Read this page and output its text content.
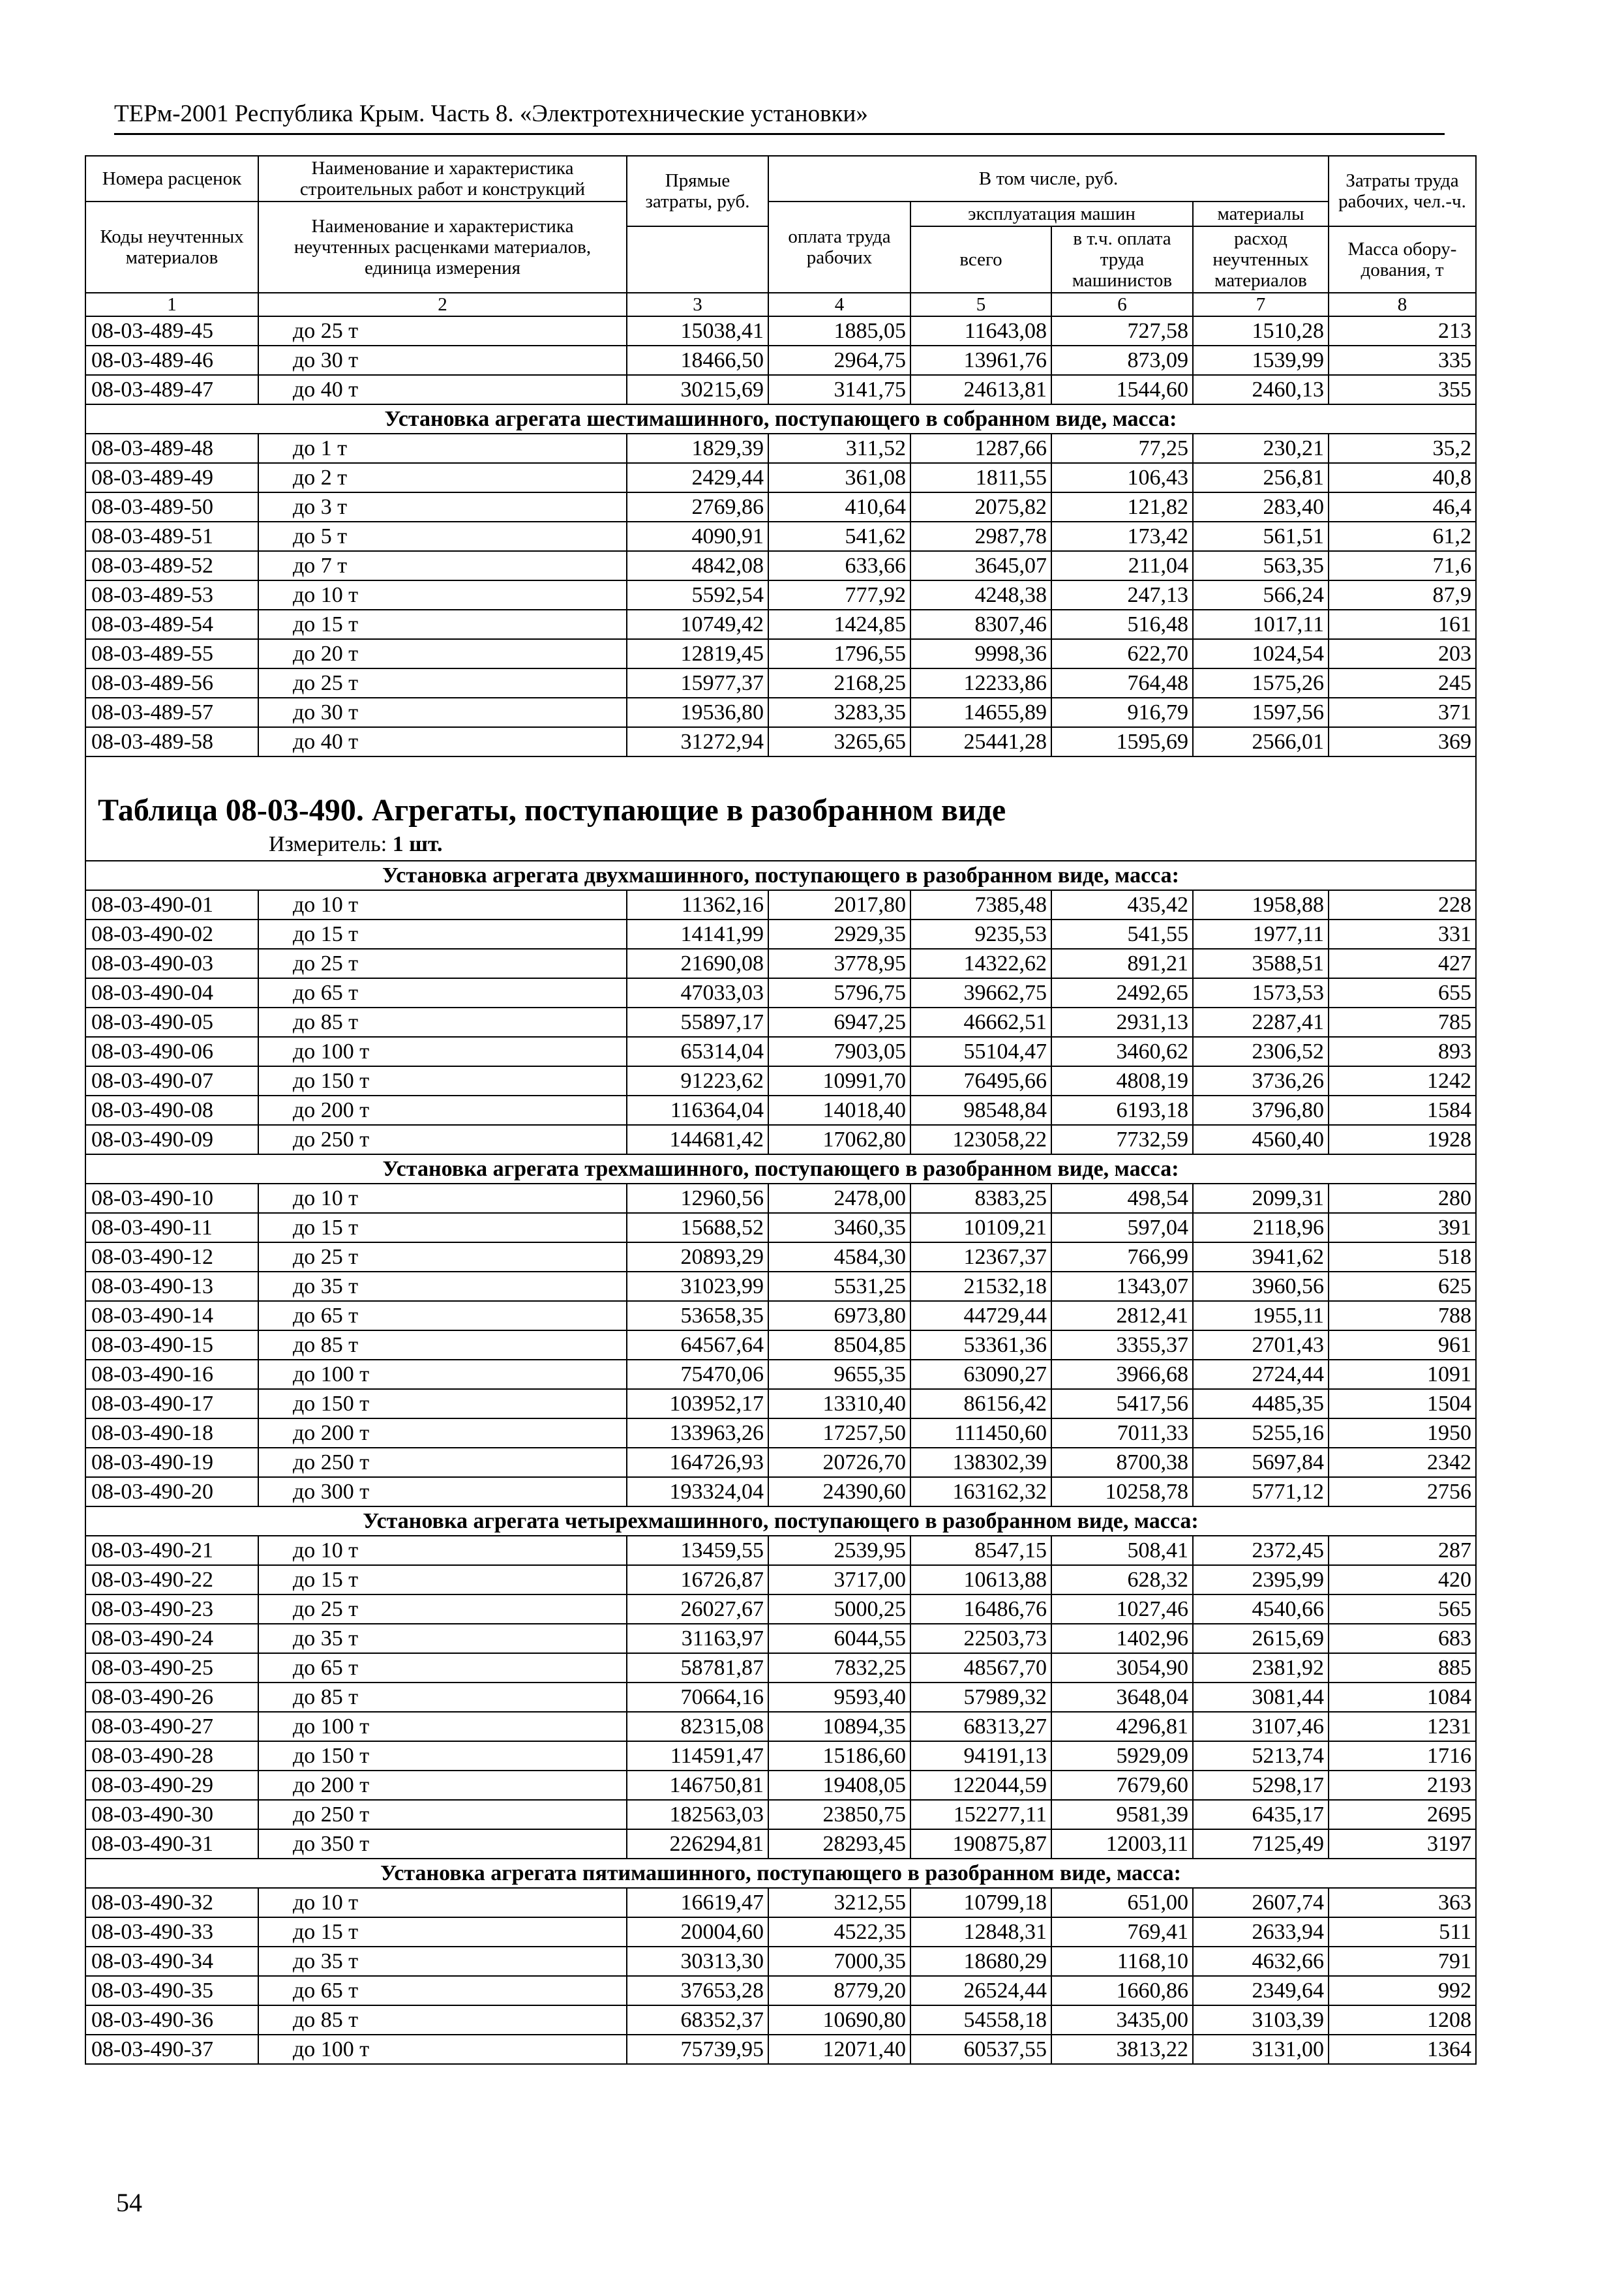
ТЕРм-2001 Республика Крым. Часть 8. «Электротехнические установки»
Номера расценок	Наименование и характеристика строительных работ и конструкций	Прямые затраты, руб.	В том числе, руб.				Затраты труда рабочих, чел.-ч.
Коды неучтенных материалов	Наименование и характеристика неучтенных расценками материалов, единица измерения		оплата труда рабочих	эксплуатация машин		материалы	
				всего	в т.ч. оплата труда машинистов	расход неучтенных материалов	Масса обору-дования, т

1	2	3	4	5	6	7	8
08-03-489-45	до 25 т	15038,41	1885,05	11643,08	727,58	1510,28	213
08-03-489-46	до 30 т	18466,50	2964,75	13961,76	873,09	1539,99	335
08-03-489-47	до 40 т	30215,69	3141,75	24613,81	1544,60	2460,13	355
Установка агрегата шестимашинного, поступающего в собранном виде, масса:							
08-03-489-48	до 1 т	1829,39	311,52	1287,66	77,25	230,21	35,2
08-03-489-49	до 2 т	2429,44	361,08	1811,55	106,43	256,81	40,8
08-03-489-50	до 3 т	2769,86	410,64	2075,82	121,82	283,40	46,4
08-03-489-51	до 5 т	4090,91	541,62	2987,78	173,42	561,51	61,2
08-03-489-52	до 7 т	4842,08	633,66	3645,07	211,04	563,35	71,6
08-03-489-53	до 10 т	5592,54	777,92	4248,38	247,13	566,24	87,9
08-03-489-54	до 15 т	10749,42	1424,85	8307,46	516,48	1017,11	161
08-03-489-55	до 20 т	12819,45	1796,55	9998,36	622,70	1024,54	203
08-03-489-56	до 25 т	15977,37	2168,25	12233,86	764,48	1575,26	245
08-03-489-57	до 30 т	19536,80	3283,35	14655,89	916,79	1597,56	371
08-03-489-58	до 40 т	31272,94	3265,65	25441,28	1595,69	2566,01	369

Таблица 08-03-490. Агрегаты, поступающие в разобранном виде							
Измеритель: 1 шт.							
Установка агрегата двухмашинного, поступающего в разобранном виде, масса:							
08-03-490-01	до 10 т	11362,16	2017,80	7385,48	435,42	1958,88	228
08-03-490-02	до 15 т	14141,99	2929,35	9235,53	541,55	1977,11	331
08-03-490-03	до 25 т	21690,08	3778,95	14322,62	891,21	3588,51	427
08-03-490-04	до 65 т	47033,03	5796,75	39662,75	2492,65	1573,53	655
08-03-490-05	до 85 т	55897,17	6947,25	46662,51	2931,13	2287,41	785
08-03-490-06	до 100 т	65314,04	7903,05	55104,47	3460,62	2306,52	893
08-03-490-07	до 150 т	91223,62	10991,70	76495,66	4808,19	3736,26	1242
08-03-490-08	до 200 т	116364,04	14018,40	98548,84	6193,18	3796,80	1584
08-03-490-09	до 250 т	144681,42	17062,80	123058,22	7732,59	4560,40	1928
Установка агрегата трехмашинного, поступающего в разобранном виде, масса:							
08-03-490-10	до 10 т	12960,56	2478,00	8383,25	498,54	2099,31	280
08-03-490-11	до 15 т	15688,52	3460,35	10109,21	597,04	2118,96	391
08-03-490-12	до 25 т	20893,29	4584,30	12367,37	766,99	3941,62	518
08-03-490-13	до 35 т	31023,99	5531,25	21532,18	1343,07	3960,56	625
08-03-490-14	до 65 т	53658,35	6973,80	44729,44	2812,41	1955,11	788
08-03-490-15	до 85 т	64567,64	8504,85	53361,36	3355,37	2701,43	961
08-03-490-16	до 100 т	75470,06	9655,35	63090,27	3966,68	2724,44	1091
08-03-490-17	до 150 т	103952,17	13310,40	86156,42	5417,56	4485,35	1504
08-03-490-18	до 200 т	133963,26	17257,50	111450,60	7011,33	5255,16	1950
08-03-490-19	до 250 т	164726,93	20726,70	138302,39	8700,38	5697,84	2342
08-03-490-20	до 300 т	193324,04	24390,60	163162,32	10258,78	5771,12	2756
Установка агрегата четырехмашинного, поступающего в разобранном виде, масса:							
08-03-490-21	до 10 т	13459,55	2539,95	8547,15	508,41	2372,45	287
08-03-490-22	до 15 т	16726,87	3717,00	10613,88	628,32	2395,99	420
08-03-490-23	до 25 т	26027,67	5000,25	16486,76	1027,46	4540,66	565
08-03-490-24	до 35 т	31163,97	6044,55	22503,73	1402,96	2615,69	683
08-03-490-25	до 65 т	58781,87	7832,25	48567,70	3054,90	2381,92	885
08-03-490-26	до 85 т	70664,16	9593,40	57989,32	3648,04	3081,44	1084
08-03-490-27	до 100 т	82315,08	10894,35	68313,27	4296,81	3107,46	1231
08-03-490-28	до 150 т	114591,47	15186,60	94191,13	5929,09	5213,74	1716
08-03-490-29	до 200 т	146750,81	19408,05	122044,59	7679,60	5298,17	2193
08-03-490-30	до 250 т	182563,03	23850,75	152277,11	9581,39	6435,17	2695
08-03-490-31	до 350 т	226294,81	28293,45	190875,87	12003,11	7125,49	3197
Установка агрегата пятимашинного, поступающего в разобранном виде, масса:							
08-03-490-32	до 10 т	16619,47	3212,55	10799,18	651,00	2607,74	363
08-03-490-33	до 15 т	20004,60	4522,35	12848,31	769,41	2633,94	511
08-03-490-34	до 35 т	30313,30	7000,35	18680,29	1168,10	4632,66	791
08-03-490-35	до 65 т	37653,28	8779,20	26524,44	1660,86	2349,64	992
08-03-490-36	до 85 т	68352,37	10690,80	54558,18	3435,00	3103,39	1208
08-03-490-37	до 100 т	75739,95	12071,40	60537,55	3813,22	3131,00	1364
54
